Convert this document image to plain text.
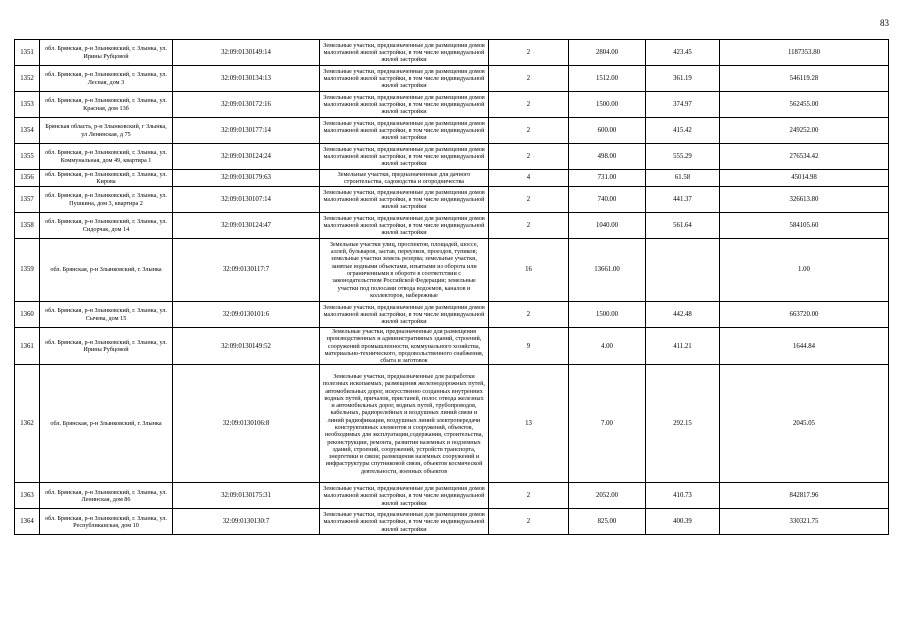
83
1351	обл. Брянская, р-н Злынковский, г. Злынка, ул. Ирины Рубцовой	32:09:0130149:14	Земельные участки, предназначенные для размещения домов малоэтажной жилой застройки, в том числе индивидуальной жилой застройки	2	2804.00	423.45	1187353.80
1352	обл. Брянская, р-н Злынковский, г. Злынка, ул. Лесная, дом 3	32:09:0130134:13	Земельные участки, предназначенные для размещения домов малоэтажной жилой застройки, в том числе индивидуальной жилой застройки	2	1512.00	361.19	546119.28
1353	обл. Брянская, р-н Злынковский, г. Злынка, ул. Красная, дом 13б	32:09:0130172:16	Земельные участки, предназначенные для размещения домов малоэтажной жилой застройки, в том числе индивидуальной жилой застройки	2	1500.00	374.97	562455.00
1354	Брянская область, р-н Злынковский, г Злынка, ул Ленинская, д 75	32:09:0130177:14	Земельные участки, предназначенные для размещения домов малоэтажной жилой застройки, в том числе индивидуальной жилой застройки	2	600.00	415.42	249252.00
1355	обл. Брянская, р-н Злынковский, г. Злынка, ул. Коммунальная, дом 49, квартира 1	32:09:0130124:24	Земельные участки, предназначенные для размещения домов малоэтажной жилой застройки, в том числе индивидуальной жилой застройки	2	498.00	555.29	276534.42
1356	обл. Брянская, р-н Злынковский, г. Злынка, ул. Кирова	32:09:0130179:63	Земельные участки, предназначенные для дачного строительства, садоводства и огородничества	4	731.00	61.58	45014.98
1357	обл. Брянская, р-н Злынковский, г. Злынка, ул. Пушкина, дом 3, квартира 2	32:09:0130107:14	Земельные участки, предназначенные для размещения домов малоэтажной жилой застройки, в том числе индивидуальной жилой застройки	2	740.00	441.37	326613.80
1358	обл. Брянская, р-н Злынковский, г. Злынка, ул. Сидорчак, дом 14	32:09:0130124:47	Земельные участки, предназначенные для размещения домов малоэтажной жилой застройки, в том числе индивидуальной жилой застройки	2	1040.00	561.64	584105.60
1359	обл. Брянская, р-н Злынковский, г. Злынка	32:09:0130117:7	Земельные участки улиц, проспектов, площадей, шоссе, аллей, бульваров, застав, переулков, проездов, тупиков; земельные участки земель резерва; земельные участки, занятые водными объектами, изъятыми из оборота или ограниченными в обороте в соответствии с законодательством Российской Федерации; земельные участки под полосами отвода водоемов, каналов и коллекторов, набережные	16	13661.00		1.00
1360	обл. Брянская, р-н Злынковский, г. Злынка, ул. Сычева, дом 15	32:09:0130101:6	Земельные участки, предназначенные для размещения домов малоэтажной жилой застройки, в том числе индивидуальной жилой застройки	2	1500.00	442.48	663720.00
1361	обл. Брянская, р-н Злынковский, г. Злынка, ул. Ирины Рубцовой	32:09:0130149:52	Земельные участки, предназначенные для размещения производственных и административных зданий, строений, сооружений промышленности, коммунального хозяйства, материально-технического, продовольственного снабжения, сбыта и заготовок	9	4.00	411.21	1644.84
1362	обл. Брянская, р-н Злынковский, г. Злынка	32:09:0130106:8	Земельные участки, предназначенные для разработки полезных ископаемых, размещения железнодорожных путей, автомобильных дорог, искусственно созданных внутренних водных путей, причалов, пристаней, полос отвода железных и автомобильных дорог, водных путей, трубопроводов, кабельных, радиорелейных и воздушных линий связи и линий радиофикации, воздушных линий электропередачи конструктивных элементов и сооружений, объектов, необходимых для эксплуатации,содержания, строительства, реконструкции, ремонта, развития наземных и подземных зданий, строений, сооружений, устройств транспорта, энергетики и связи; размещения наземных сооружений и инфраструктуры спутниковой связи, объектов космической деятельности, военных объектов	13	7.00	292.15	2045.05
1363	обл. Брянская, р-н Злынковский, г. Злынка, ул. Ленинская, дом 86	32:09:0130175:31	Земельные участки, предназначенные для размещения домов малоэтажной жилой застройки, в том числе индивидуальной жилой застройки	2	2052.00	410.73	842817.96
1364	обл. Брянская, р-н Злынковский, г. Злынка, ул. Республиканская, дом 10	32:09:0130130:7	Земельные участки, предназначенные для размещения домов малоэтажной жилой застройки, в том числе индивидуальной жилой застройки	2	825.00	400.39	330321.75
